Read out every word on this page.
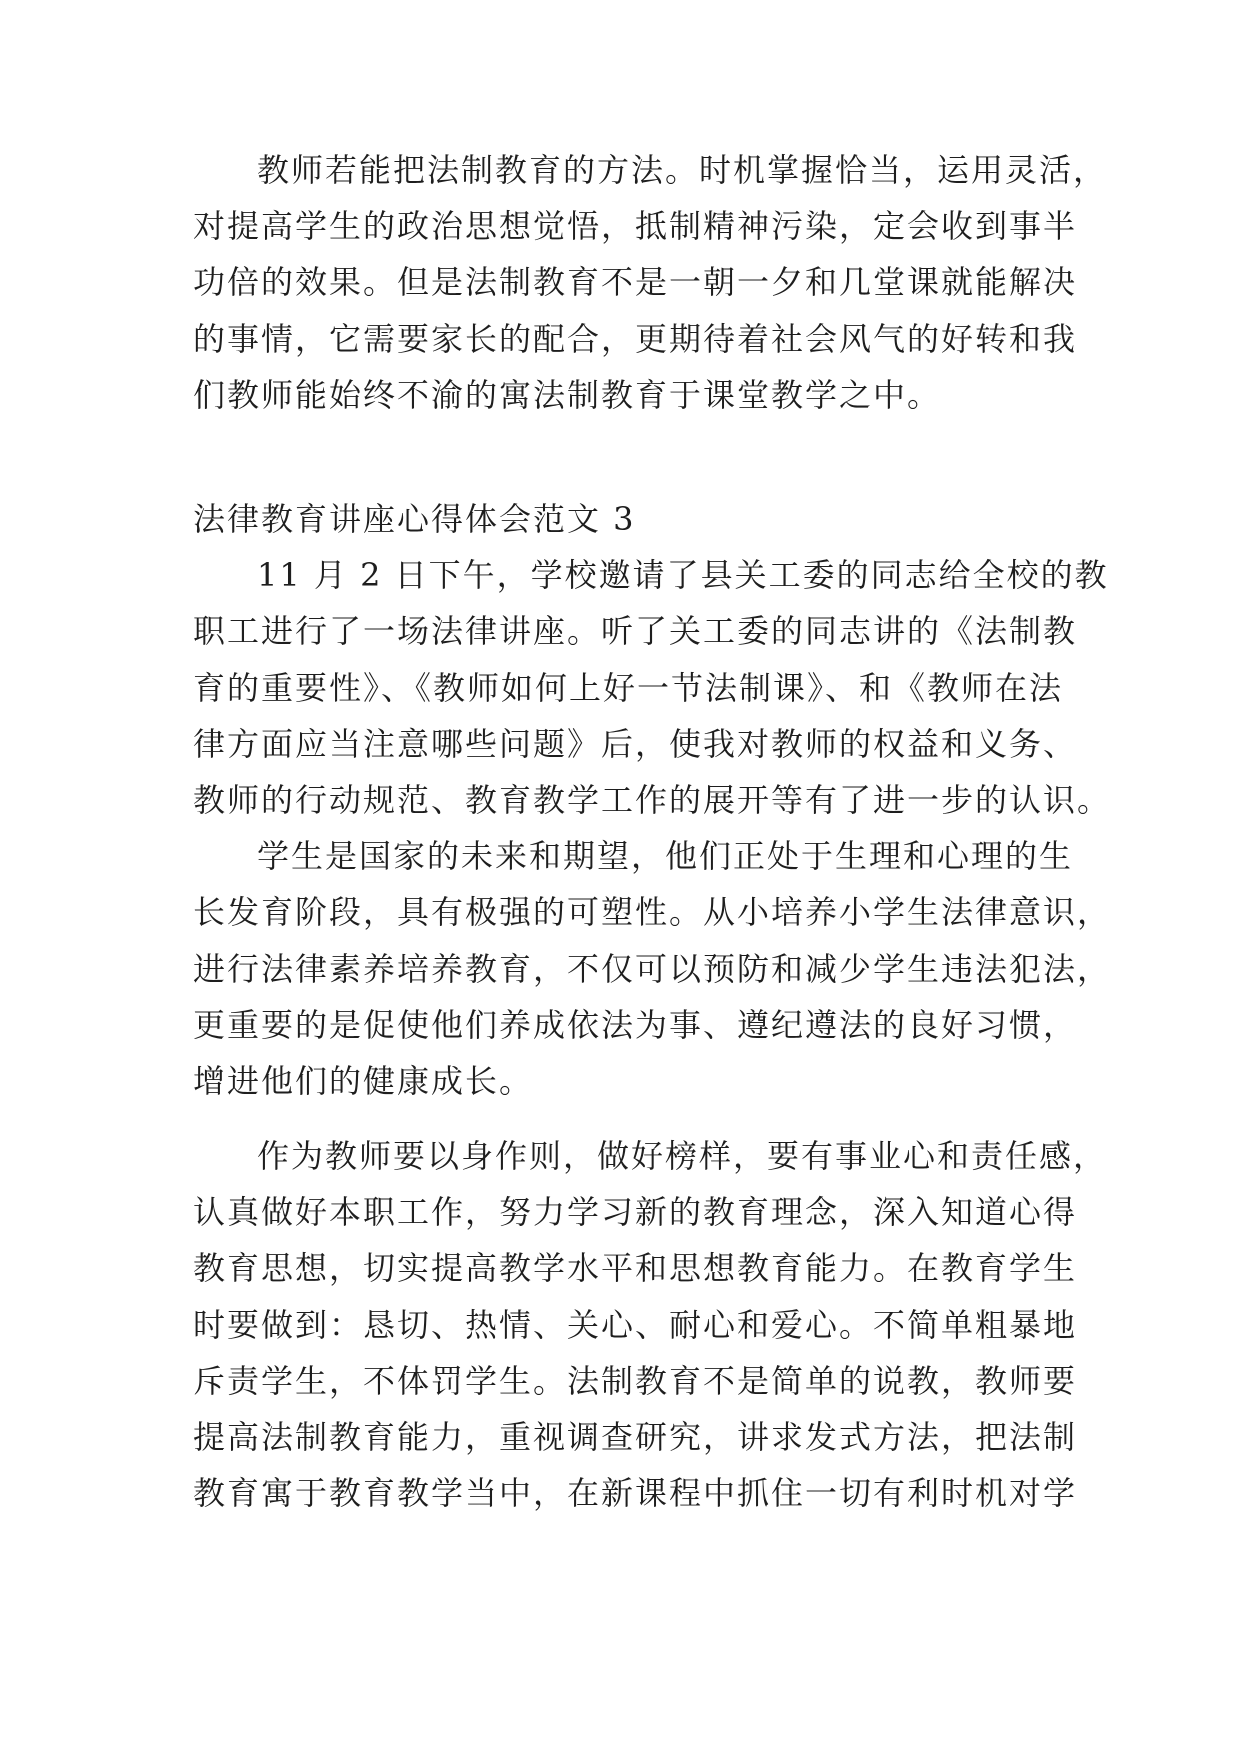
教师若能把法制教育的方法。时机掌握恰当，运用灵活，

对提高学生的政治思想觉悟，抵制精神污染，定会收到事半

功倍的效果。但是法制教育不是一朝一夕和几堂课就能解决

的事情，它需要家长的配合，更期待着社会风气的好转和我

们教师能始终不渝的寓法制教育于课堂教学之中。

法律教育讲座心得体会范文 3

11 月 2 日下午，学校邀请了县关工委的同志给全校的教

职工进行了一场法律讲座。听了关工委的同志讲的《法制教

育的重要性》、《教师如何上好一节法制课》、和《教师在法

律方面应当注意哪些问题》后，使我对教师的权益和义务、

教师的行动规范、教育教学工作的展开等有了进一步的认识。

学生是国家的未来和期望，他们正处于生理和心理的生

长发育阶段，具有极强的可塑性。从小培养小学生法律意识，

进行法律素养培养教育，不仅可以预防和减少学生违法犯法，

更重要的是促使他们养成依法为事、遵纪遵法的良好习惯，

增进他们的健康成长。

作为教师要以身作则，做好榜样，要有事业心和责任感，

认真做好本职工作，努力学习新的教育理念，深入知道心得

教育思想，切实提高教学水平和思想教育能力。在教育学生

时要做到：恳切、热情、关心、耐心和爱心。不简单粗暴地

斥责学生，不体罚学生。法制教育不是简单的说教，教师要

提高法制教育能力，重视调查研究，讲求发式方法，把法制

教育寓于教育教学当中，在新课程中抓住一切有利时机对学
